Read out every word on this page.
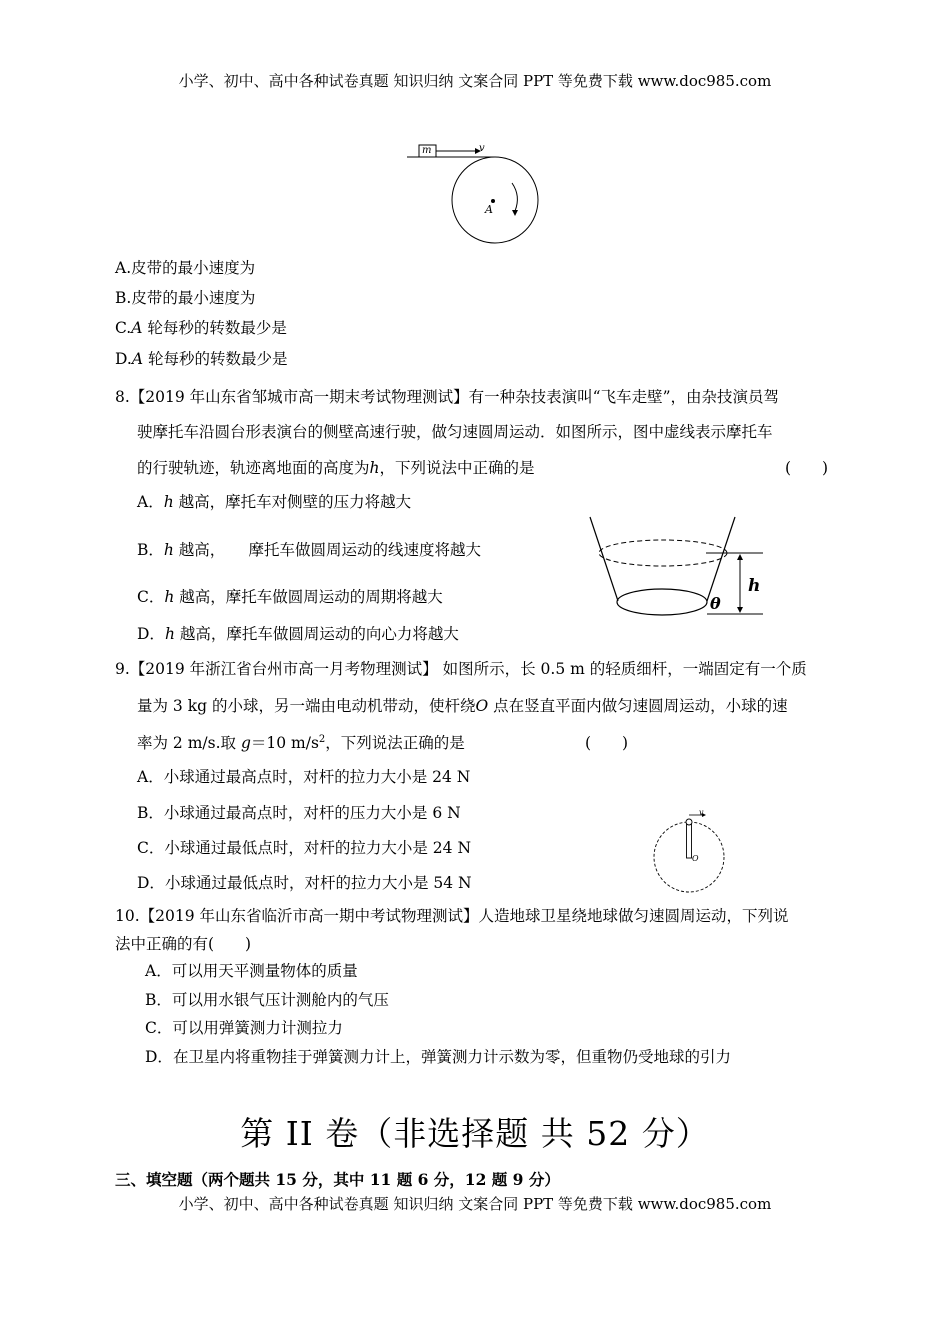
小学、初中、高中各种试卷真题 知识归纳 文案合同 PPT 等免费下载 www.doc985.com
m	v
A
A.皮带的最小速度为
B.皮带的最小速度为
C.A 轮每秒的转数最少是
D.A 轮每秒的转数最少是
8.【2019 年山东省邹城市高一期末考试物理测试】有一种杂技表演叫“飞车走壁”，由杂技演员驾
驶摩托车沿圆台形表演台的侧壁高速行驶，做匀速圆周运动．如图所示，图中虚线表示摩托车
的行驶轨迹，轨迹离地面的高度为h，下列说法中正确的是	(　　)
A．h 越高，摩托车对侧壁的压力将越大
B．h 越高，　　摩托车做圆周运动的线速度将越大
C．h 越高，摩托车做圆周运动的周期将越大
D．h 越高，摩托车做圆周运动的向心力将越大
h
θ
9.【2019 年浙江省台州市高一月考物理测试】 如图所示，长 0.5 m 的轻质细杆，一端固定有一个质
量为 3 kg 的小球，另一端由电动机带动，使杆绕O 点在竖直平面内做匀速圆周运动，小球的速
率为 2 m/s.取 g＝10 $m/s^2$，下列说法正确的是	(　　)
A．小球通过最高点时，对杆的拉力大小是 24 N
B．小球通过最高点时，对杆的压力大小是 6 N
C．小球通过最低点时，对杆的拉力大小是 24 N
D．小球通过最低点时，对杆的拉力大小是 54 N
v
O
10.【2019 年山东省临沂市高一期中考试物理测试】人造地球卫星绕地球做匀速圆周运动，下列说
法中正确的有(　　)
A．可以用天平测量物体的质量
B．可以用水银气压计测舱内的气压
C．可以用弹簧测力计测拉力
D．在卫星内将重物挂于弹簧测力计上，弹簧测力计示数为零，但重物仍受地球的引力
第 II 卷（非选择题 共 52 分）
三、填空题（两个题共 15 分，其中 11 题 6 分，12 题 9 分）
小学、初中、高中各种试卷真题 知识归纳 文案合同 PPT 等免费下载 www.doc985.com
